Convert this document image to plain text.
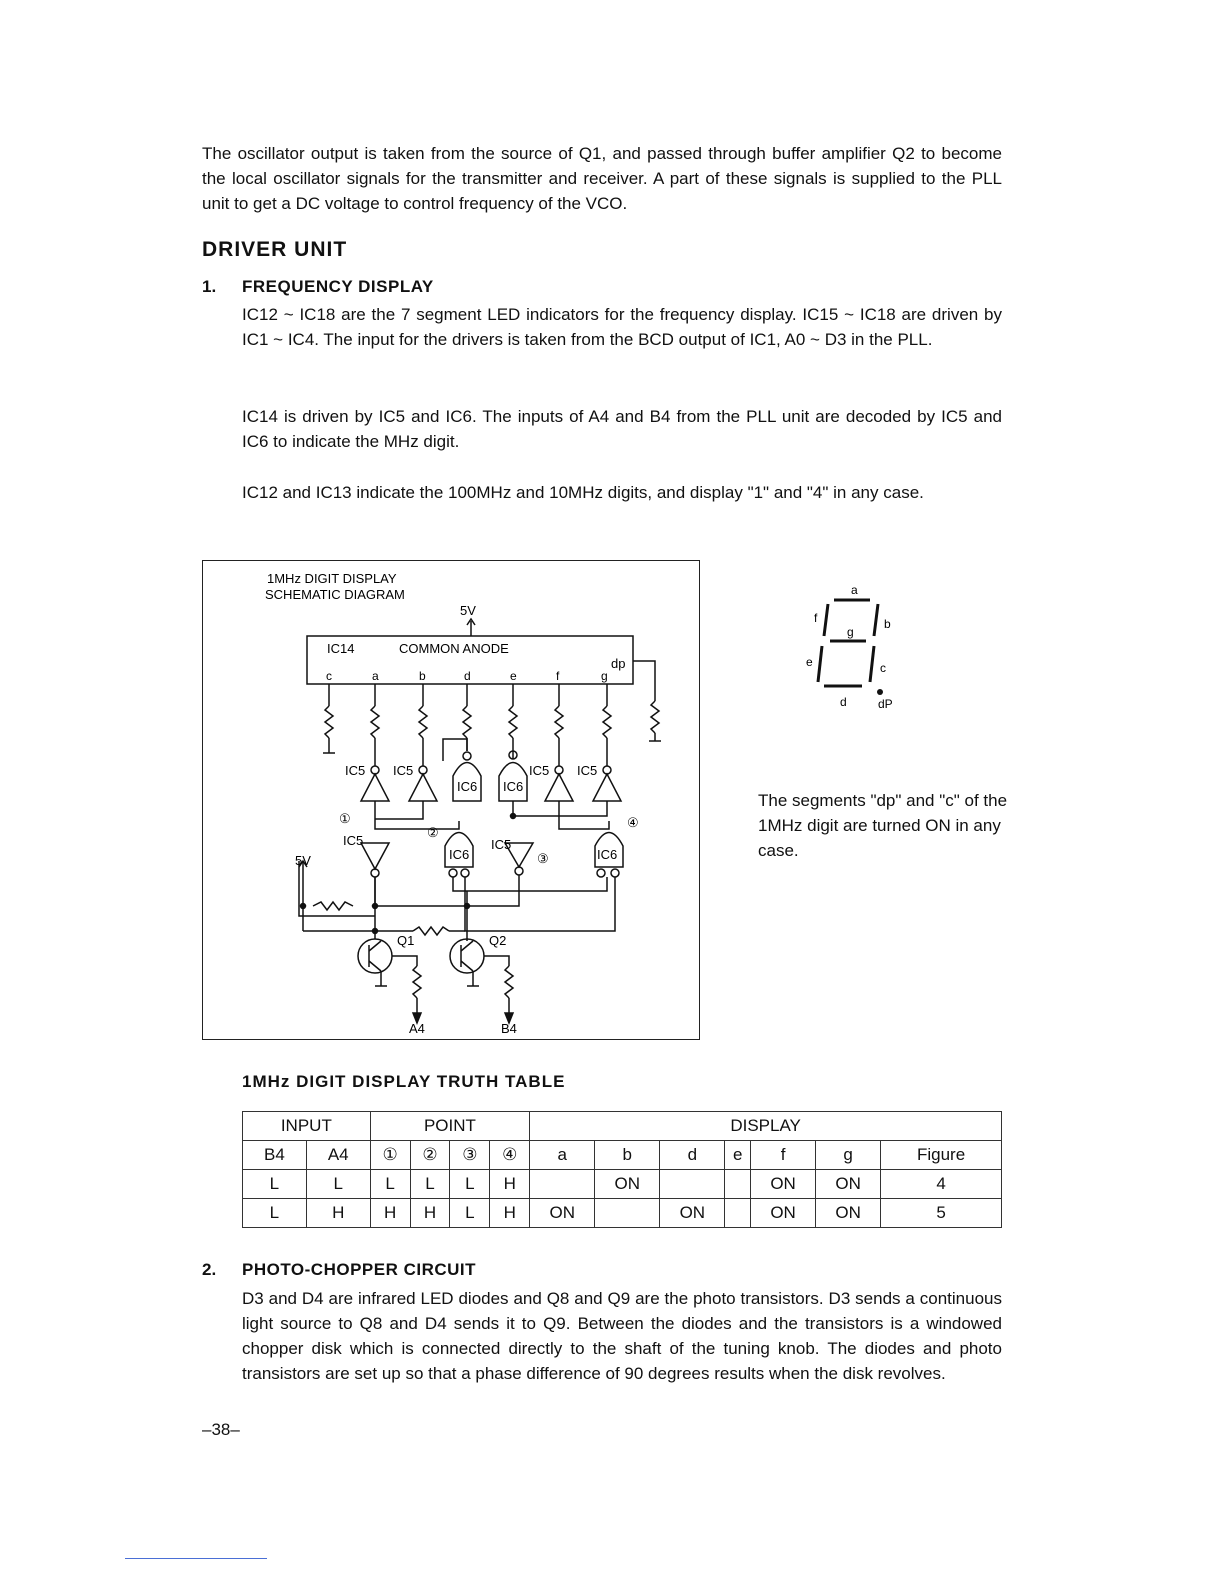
The oscillator output is taken from the source of Q1, and passed through buffer amplifier Q2 to become the local oscillator signals for the transmitter and receiver. A part of these signals is supplied to the PLL unit to get a DC voltage to control frequency of the VCO.
DRIVER UNIT
1. FREQUENCY DISPLAY
IC12 ~ IC18 are the 7 segment LED indicators for the frequency display. IC15 ~ IC18 are driven by IC1 ~ IC4. The input for the drivers is taken from the BCD output of IC1, A0 ~ D3 in the PLL.
IC14 is driven by IC5 and IC6. The inputs of A4 and B4 from the PLL unit are decoded by IC5 and IC6 to indicate the MHz digit.
IC12 and IC13 indicate the 100MHz and 10MHz digits, and display "1" and "4" in any case.
1MHz DIGIT DISPLAY
SCHEMATIC DIAGRAM
5V
IC14	COMMON ANODE
dp
c	a	b	d	e	f	g
IC5 IC5	IC5 IC5
IC5	IC5
IC6 IC6
IC6	IC6
①
②
③
④
5V
Q1	Q2
A4	B4
a
b
c
d
e
f
g
dP
The segments "dp" and "c" of the 1MHz digit are turned ON in any case.
1MHz DIGIT DISPLAY TRUTH TABLE
INPUT		POINT				DISPLAY						
B4	A4	①	②	③	④	a	b	d	e	f	g	Figure
L	L	L	L	L	H		ON			ON	ON	4
L	H	H	H	L	H	ON		ON		ON	ON	5
2. PHOTO-CHOPPER CIRCUIT
D3 and D4 are infrared LED diodes and Q8 and Q9 are the photo transistors. D3 sends a continuous light source to Q8 and D4 sends it to Q9. Between the diodes and the transistors is a windowed chopper disk which is connected directly to the shaft of the tuning knob. The diodes and photo transistors are set up so that a phase difference of 90 degrees results when the disk revolves.
–38–
